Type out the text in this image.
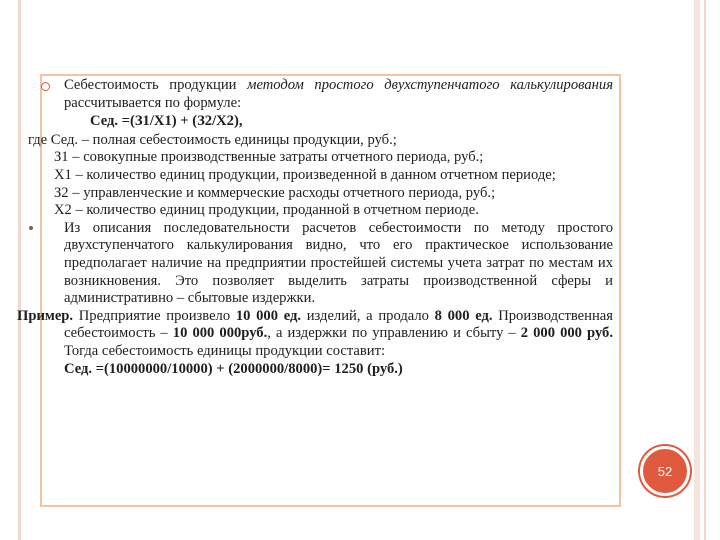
Себестоимость продукции методом простого двухступенчатого калькулирования рассчитывается по формуле:

Сед. =(З1/Х1) + (З2/Х2),

где Сед. – полная себестоимость единицы продукции, руб.;

З1 – совокупные производственные затраты отчетного периода, руб.;

Х1 – количество единиц продукции, произведенной в данном отчетном периоде;

З2 – управленческие и коммерческие расходы отчетного периода, руб.;

Х2 – количество единиц продукции, проданной в отчетном периоде.

Из описания последовательности расчетов себестоимости по методу простого двухступенчатого калькулирования видно, что его практическое использование предполагает наличие на предприятии простейшей системы учета затрат по местам их возникновения. Это позволяет выделить затраты производственной сферы и административно – сбытовые издержки.

Пример. Предприятие произвело 10 000 ед. изделий, а продало 8 000 ед. Производственная себестоимость – 10 000 000руб., а издержки по управлению и сбыту – 2 000 000 руб. Тогда себестоимость единицы продукции составит:

Сед. =(10000000/10000) + (2000000/8000)= 1250 (руб.)

52
